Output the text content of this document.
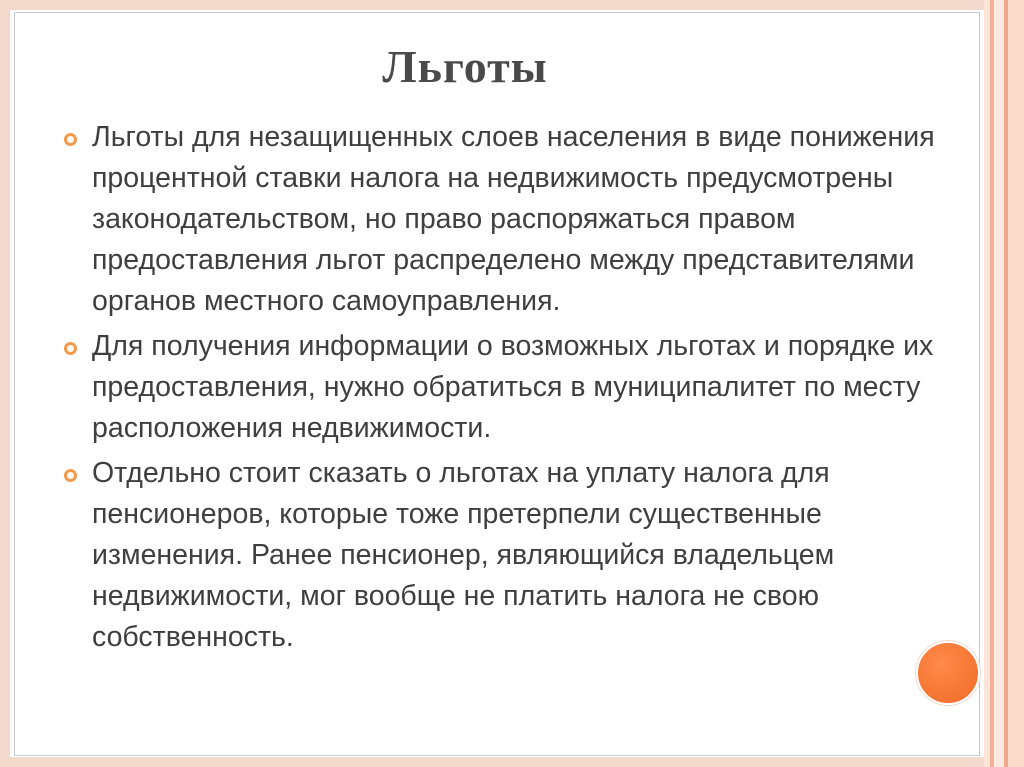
Льготы
Льготы для незащищенных слоев населения в виде понижения процентной ставки налога на недвижимость предусмотрены законодательством, но право распоряжаться правом предоставления льгот распределено между представителями органов местного самоуправления.
Для получения информации о возможных льготах и порядке их предоставления, нужно обратиться в муниципалитет по месту расположения недвижимости.
Отдельно стоит сказать о льготах на уплату налога для пенсионеров, которые тоже претерпели существенные изменения. Ранее пенсионер, являющийся владельцем недвижимости, мог вообще не платить налога не свою собственность.
